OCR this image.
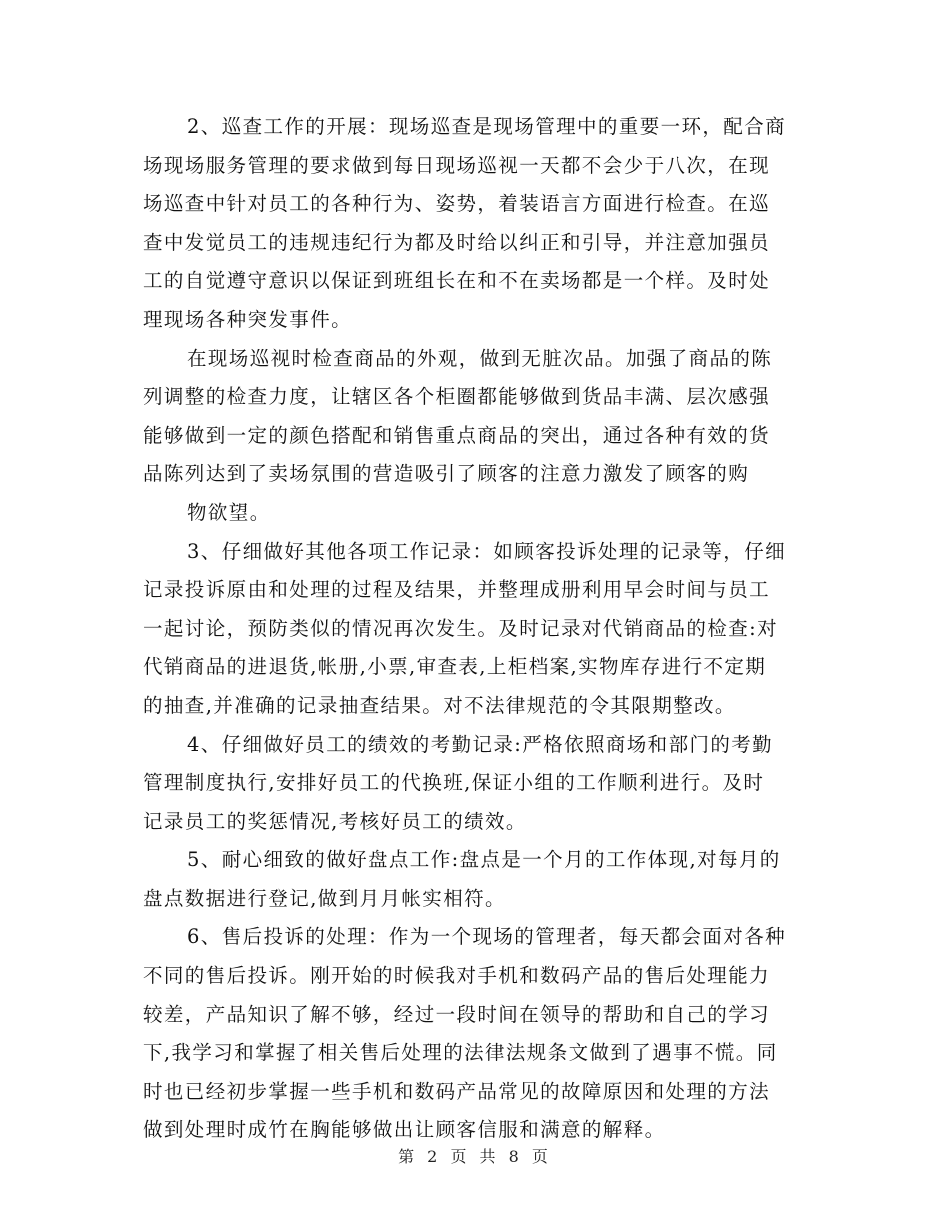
2、巡查工作的开展：现场巡查是现场管理中的重要一环，配合商
场现场服务管理的要求做到每日现场巡视一天都不会少于八次，在现
场巡查中针对员工的各种行为、姿势，着装语言方面进行检查。在巡
查中发觉员工的违规违纪行为都及时给以纠正和引导，并注意加强员
工的自觉遵守意识以保证到班组长在和不在卖场都是一个样。及时处
理现场各种突发事件。
在现场巡视时检查商品的外观，做到无脏次品。加强了商品的陈
列调整的检查力度，让辖区各个柜圈都能够做到货品丰满、层次感强
能够做到一定的颜色搭配和销售重点商品的突出，通过各种有效的货
品陈列达到了卖场氛围的营造吸引了顾客的注意力激发了顾客的购
物欲望。
3、仔细做好其他各项工作记录：如顾客投诉处理的记录等，仔细
记录投诉原由和处理的过程及结果，并整理成册利用早会时间与员工
一起讨论，预防类似的情况再次发生。及时记录对代销商品的检查:对
代销商品的进退货,帐册,小票,审查表,上柜档案,实物库存进行不定期
的抽查,并准确的记录抽查结果。对不法律规范的令其限期整改。
4、仔细做好员工的绩效的考勤记录:严格依照商场和部门的考勤
管理制度执行,安排好员工的代换班,保证小组的工作顺利进行。及时
记录员工的奖惩情况,考核好员工的绩效。
5、耐心细致的做好盘点工作:盘点是一个月的工作体现,对每月的
盘点数据进行登记,做到月月帐实相符。
6、售后投诉的处理：作为一个现场的管理者，每天都会面对各种
不同的售后投诉。刚开始的时候我对手机和数码产品的售后处理能力
较差，产品知识了解不够，经过一段时间在领导的帮助和自己的学习
下,我学习和掌握了相关售后处理的法律法规条文做到了遇事不慌。同
时也已经初步掌握一些手机和数码产品常见的故障原因和处理的方法
做到处理时成竹在胸能够做出让顾客信服和满意的解释。
第 2 页 共 8 页
